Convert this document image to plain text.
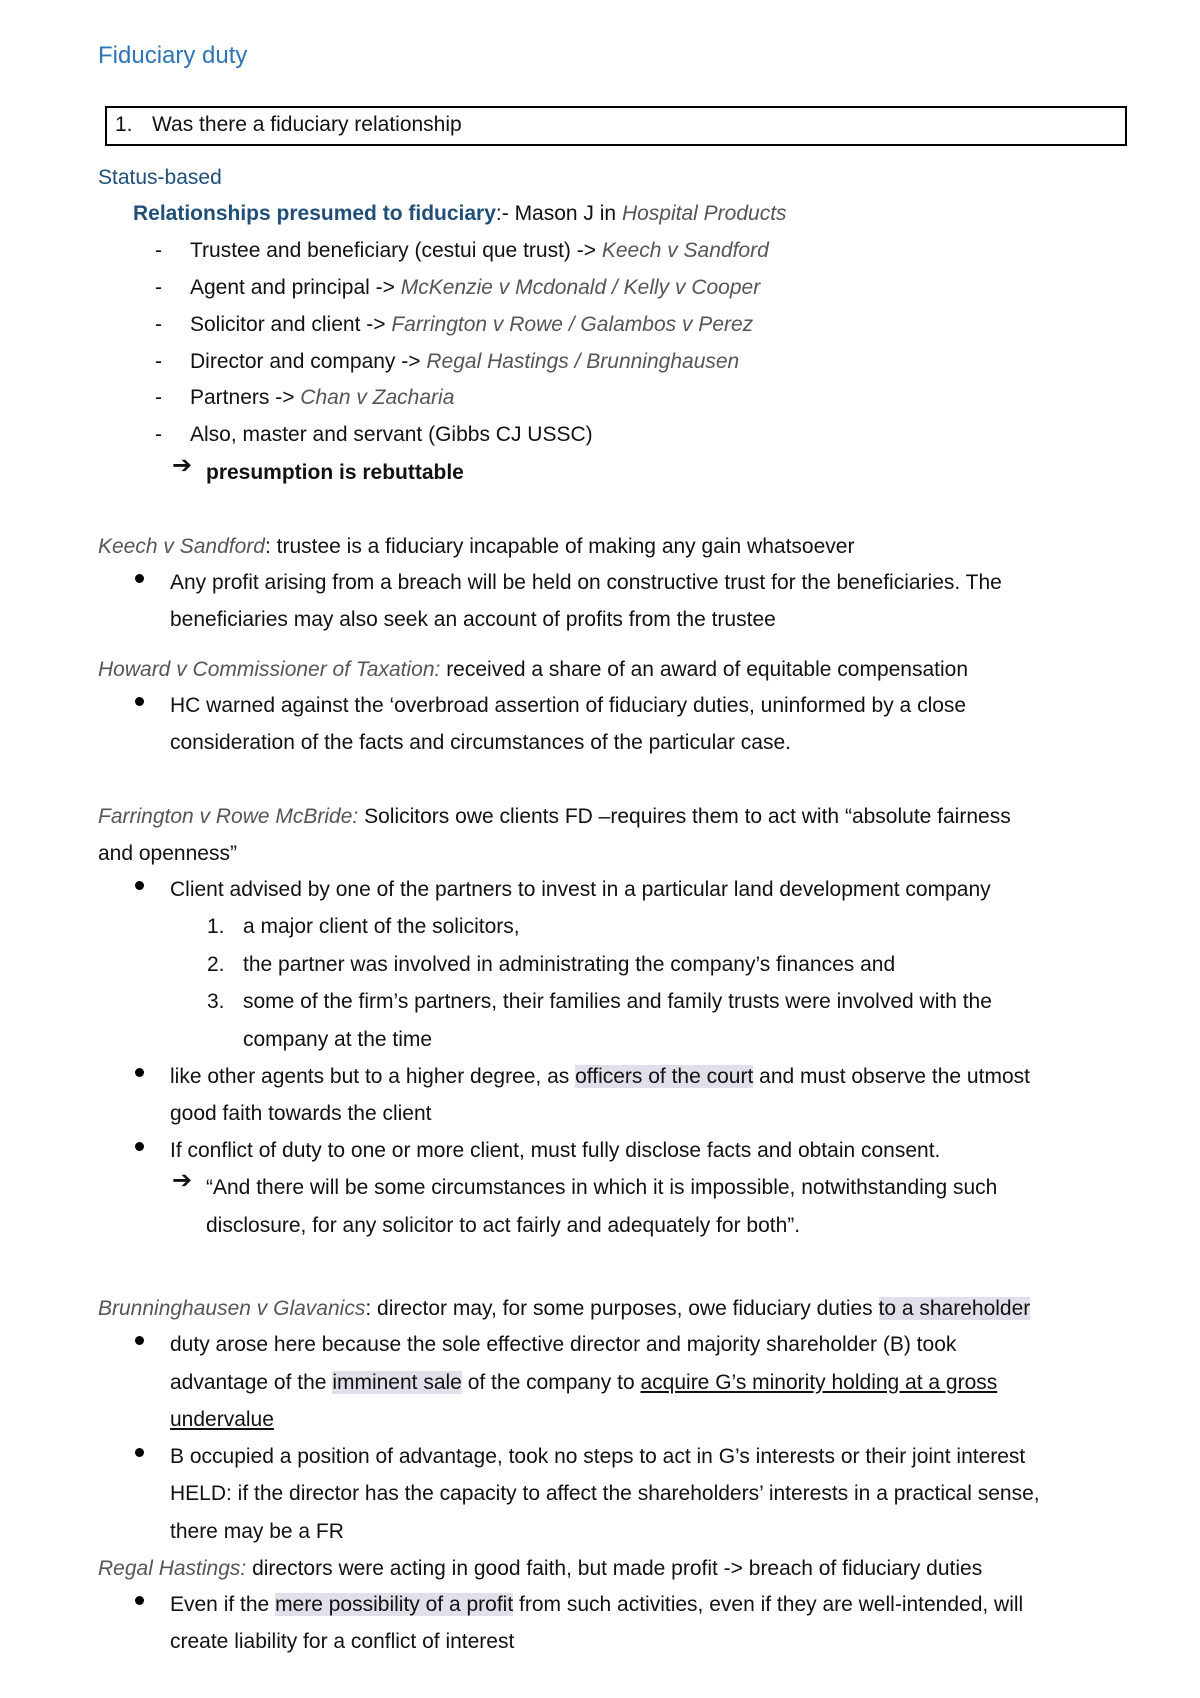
Fiduciary duty
1. Was there a fiduciary relationship
Status-based
Relationships presumed to fiduciary:- Mason J in Hospital Products
- Trustee and beneficiary (cestui que trust) -> Keech v Sandford
- Agent and principal -> McKenzie v Mcdonald / Kelly v Cooper
- Solicitor and client -> Farrington v Rowe / Galambos v Perez
- Director and company -> Regal Hastings / Brunninghausen
- Partners -> Chan v Zacharia
- Also, master and servant (Gibbs CJ USSC)
➔ presumption is rebuttable
Keech v Sandford: trustee is a fiduciary incapable of making any gain whatsoever
Any profit arising from a breach will be held on constructive trust for the beneficiaries. The
beneficiaries may also seek an account of profits from the trustee
Howard v Commissioner of Taxation: received a share of an award of equitable compensation
HC warned against the ‘overbroad assertion of fiduciary duties, uninformed by a close
consideration of the facts and circumstances of the particular case.
Farrington v Rowe McBride: Solicitors owe clients FD –requires them to act with “absolute fairness
and openness”
Client advised by one of the partners to invest in a particular land development company
1. a major client of the solicitors,
2. the partner was involved in administrating the company’s finances and
3. some of the firm’s partners, their families and family trusts were involved with the
company at the time
like other agents but to a higher degree, as officers of the court and must observe the utmost
good faith towards the client
If conflict of duty to one or more client, must fully disclose facts and obtain consent.
➔ “And there will be some circumstances in which it is impossible, notwithstanding such
disclosure, for any solicitor to act fairly and adequately for both”.
Brunninghausen v Glavanics: director may, for some purposes, owe fiduciary duties to a shareholder
duty arose here because the sole effective director and majority shareholder (B) took
advantage of the imminent sale of the company to acquire G’s minority holding at a gross
undervalue
B occupied a position of advantage, took no steps to act in G’s interests or their joint interest
HELD: if the director has the capacity to affect the shareholders’ interests in a practical sense,
there may be a FR
Regal Hastings: directors were acting in good faith, but made profit -> breach of fiduciary duties
Even if the mere possibility of a profit from such activities, even if they are well-intended, will
create liability for a conflict of interest
